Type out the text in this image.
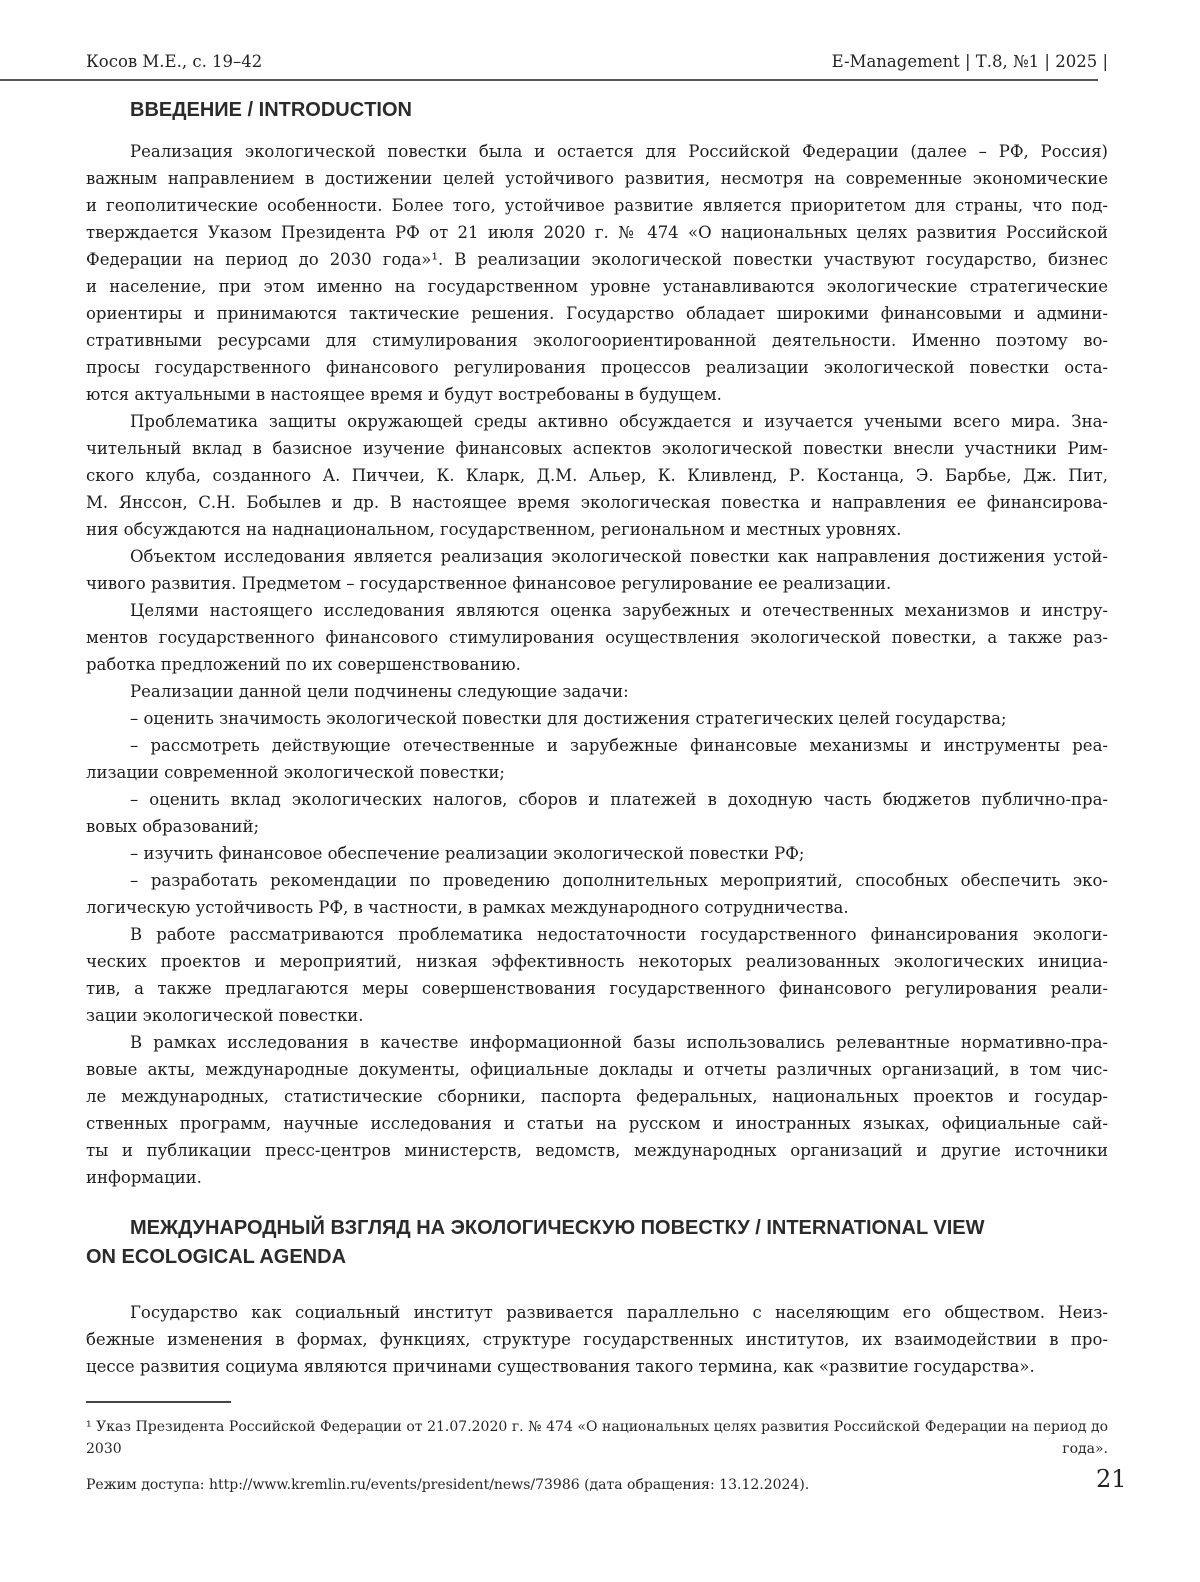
Косов М.Е., с. 19–42	E-Management | Т.8, №1 | 2025 |
ВВЕДЕНИЕ / INTRODUCTION
Реализация экологической повестки была и остается для Российской Федерации (далее – РФ, Россия)
важным направлением в достижении целей устойчивого развития, несмотря на современные экономические
и геополитические особенности. Более того, устойчивое развитие является приоритетом для страны, что под-
тверждается Указом Президента РФ от 21 июля 2020 г. № 474 «О национальных целях развития Российской
Федерации на период до 2030 года»¹. В реализации экологической повестки участвуют государство, бизнес
и население, при этом именно на государственном уровне устанавливаются экологические стратегические
ориентиры и принимаются тактические решения. Государство обладает широкими финансовыми и админи-
стративными ресурсами для стимулирования экологоориентированной деятельности. Именно поэтому во-
просы государственного финансового регулирования процессов реализации экологической повестки оста-
ются актуальными в настоящее время и будут востребованы в будущем.
Проблематика защиты окружающей среды активно обсуждается и изучается учеными всего мира. Зна-
чительный вклад в базисное изучение финансовых аспектов экологической повестки внесли участники Рим-
ского клуба, созданного А. Пиччеи, К. Кларк, Д.М. Альер, К. Кливленд, Р. Костанца, Э. Барбье, Дж. Пит,
М. Янссон, С.Н. Бобылев и др. В настоящее время экологическая повестка и направления ее финансирова-
ния обсуждаются на наднациональном, государственном, региональном и местных уровнях.
Объектом исследования является реализация экологической повестки как направления достижения устой-
чивого развития. Предметом – государственное финансовое регулирование ее реализации.
Целями настоящего исследования являются оценка зарубежных и отечественных механизмов и инстру-
ментов государственного финансового стимулирования осуществления экологической повестки, а также раз-
работка предложений по их совершенствованию.
Реализации данной цели подчинены следующие задачи:
– оценить значимость экологической повестки для достижения стратегических целей государства;
– рассмотреть действующие отечественные и зарубежные финансовые механизмы и инструменты реа-
лизации современной экологической повестки;
– оценить вклад экологических налогов, сборов и платежей в доходную часть бюджетов публично-пра-
вовых образований;
– изучить финансовое обеспечение реализации экологической повестки РФ;
– разработать рекомендации по проведению дополнительных мероприятий, способных обеспечить эко-
логическую устойчивость РФ, в частности, в рамках международного сотрудничества.
В работе рассматриваются проблематика недостаточности государственного финансирования экологи-
ческих проектов и мероприятий, низкая эффективность некоторых реализованных экологических инициа-
тив, а также предлагаются меры совершенствования государственного финансового регулирования реали-
зации экологической повестки.
В рамках исследования в качестве информационной базы использовались релевантные нормативно-пра-
вовые акты, международные документы, официальные доклады и отчеты различных организаций, в том чис-
ле международных, статистические сборники, паспорта федеральных, национальных проектов и государ-
ственных программ, научные исследования и статьи на русском и иностранных языках, официальные сай-
ты и публикации пресс-центров министерств, ведомств, международных организаций и другие источники
информации.
МЕЖДУНАРОДНЫЙ ВЗГЛЯД НА ЭКОЛОГИЧЕСКУЮ ПОВЕСТКУ / INTERNATIONAL VIEW
ON ECOLOGICAL AGENDA
Государство как социальный институт развивается параллельно с населяющим его обществом. Неиз-
бежные изменения в формах, функциях, структуре государственных институтов, их взаимодействии в про-
цессе развития социума являются причинами существования такого термина, как «развитие государства».
¹ Указ Президента Российской Федерации от 21.07.2020 г. № 474 «О национальных целях развития Российской Федерации на период до 2030 года».
Режим доступа: http://www.kremlin.ru/events/president/news/73986 (дата обращения: 13.12.2024).	21
